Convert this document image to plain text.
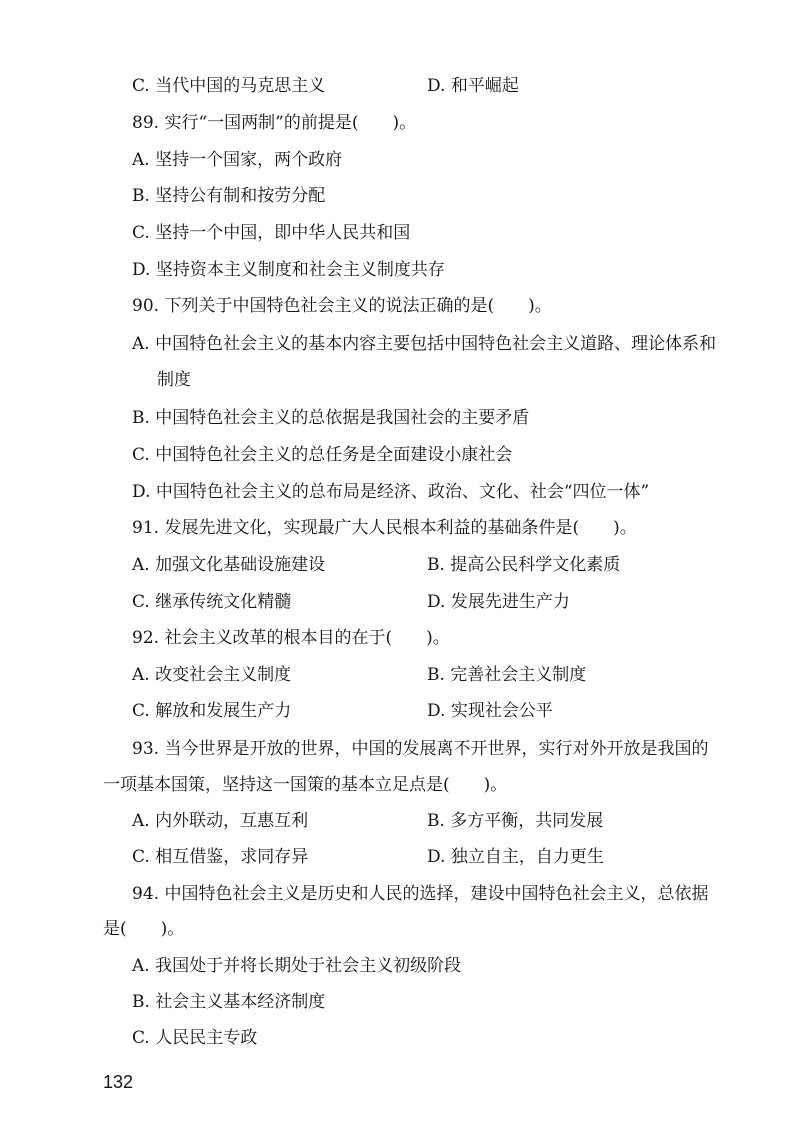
C. 当代中国的马克思主义	D. 和平崛起
89. 实行“一国两制”的前提是(　　)。
A. 坚持一个国家，两个政府
B. 坚持公有制和按劳分配
C. 坚持一个中国，即中华人民共和国
D. 坚持资本主义制度和社会主义制度共存
90. 下列关于中国特色社会主义的说法正确的是(　　)。
A. 中国特色社会主义的基本内容主要包括中国特色社会主义道路、理论体系和
制度
B. 中国特色社会主义的总依据是我国社会的主要矛盾
C. 中国特色社会主义的总任务是全面建设小康社会
D. 中国特色社会主义的总布局是经济、政治、文化、社会“四位一体”
91. 发展先进文化，实现最广大人民根本利益的基础条件是(　　)。
A. 加强文化基础设施建设	B. 提高公民科学文化素质
C. 继承传统文化精髓	D. 发展先进生产力
92. 社会主义改革的根本目的在于(　　)。
A. 改变社会主义制度	B. 完善社会主义制度
C. 解放和发展生产力	D. 实现社会公平
93. 当今世界是开放的世界，中国的发展离不开世界，实行对外开放是我国的
一项基本国策，坚持这一国策的基本立足点是(　　)。
A. 内外联动，互惠互利	B. 多方平衡，共同发展
C. 相互借鉴，求同存异	D. 独立自主，自力更生
94. 中国特色社会主义是历史和人民的选择，建设中国特色社会主义，总依据
是(　　)。
A. 我国处于并将长期处于社会主义初级阶段
B. 社会主义基本经济制度
C. 人民民主专政
132
